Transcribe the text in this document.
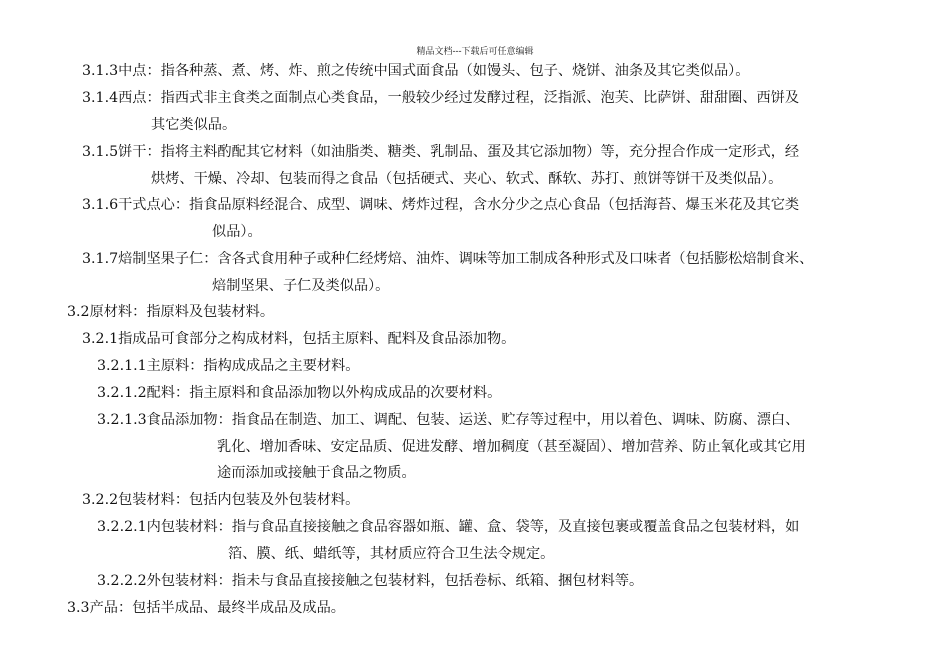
精品文档---下载后可任意编辑
3.1.3中点：指各种蒸、煮、烤、炸、煎之传统中国式面食品（如馒头、包子、烧饼、油条及其它类似品）。
3.1.4西点：指西式非主食类之面制点心类食品，一般较少经过发酵过程，泛指派、泡芙、比萨饼、甜甜圈、西饼及
其它类似品。
3.1.5饼干：指将主料酌配其它材料（如油脂类、糖类、乳制品、蛋及其它添加物）等，充分捏合作成一定形式，经
烘烤、干燥、冷却、包装而得之食品（包括硬式、夹心、软式、酥软、苏打、煎饼等饼干及类似品）。
3.1.6干式点心：指食品原料经混合、成型、调味、烤炸过程，含水分少之点心食品（包括海苔、爆玉米花及其它类
似品）。
3.1.7焙制坚果子仁：含各式食用种子或种仁经烤焙、油炸、调味等加工制成各种形式及口味者（包括膨松焙制食米、
焙制坚果、子仁及类似品）。
3.2原材料：指原料及包装材料。
3.2.1指成品可食部分之构成材料，包括主原料、配料及食品添加物。
3.2.1.1主原料：指构成成品之主要材料。
3.2.1.2配料：指主原料和食品添加物以外构成成品的次要材料。
3.2.1.3食品添加物：指食品在制造、加工、调配、包装、运送、贮存等过程中，用以着色、调味、防腐、漂白、
乳化、增加香味、安定品质、促进发酵、增加稠度（甚至凝固）、增加营养、防止氧化或其它用
途而添加或接触于食品之物质。
3.2.2包装材料：包括内包装及外包装材料。
3.2.2.1内包装材料：指与食品直接接触之食品容器如瓶、罐、盒、袋等，及直接包裹或覆盖食品之包装材料，如
箔、膜、纸、蜡纸等，其材质应符合卫生法令规定。
3.2.2.2外包装材料：指未与食品直接接触之包装材料，包括卷标、纸箱、捆包材料等。
3.3产品：包括半成品、最终半成品及成品。
